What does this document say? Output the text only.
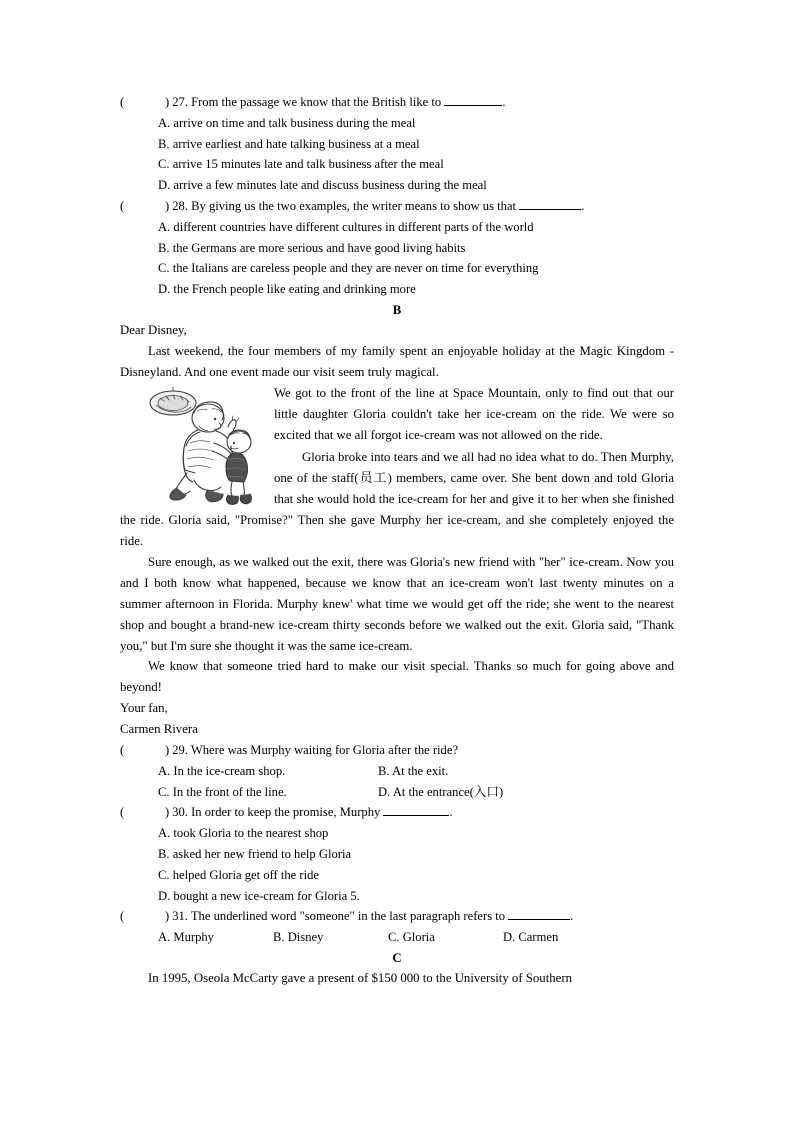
(	) 27. From the passage we know that the British like to	.
A. arrive on time and talk business during the meal
B. arrive earliest and hate talking business at a meal
C. arrive 15 minutes late and talk business after the meal
D. arrive a few minutes late and discuss business during the meal
(	) 28. By giving us the two examples, the writer means to show us that	.
A. different countries have different cultures in different parts of the world
B. the Germans are more serious and have good living habits
C. the Italians are careless people and they are never on time for everything
D. the French people like eating and drinking more
B
Dear Disney,
Last weekend, the four members of my family spent an enjoyable holiday at the Magic Kingdom - Disneyland. And one event made our visit seem truly magical.
We got to the front of the line at Space Mountain, only to find out that our little daughter Gloria couldn't take her ice-cream on the ride. We were so excited that we all forgot ice-cream was not allowed on the ride.
Gloria broke into tears and we all had no idea what to do. Then Murphy, one of the staff(员工) members, came over. She bent down and told Gloria that she would hold the ice-cream for her and give it to her when she finished the ride. Gloria said, "Promise?" Then she gave Murphy her ice-cream, and she completely enjoyed the ride.
Sure enough, as we walked out the exit, there was Gloria's new friend with "her" ice-cream. Now you and I both know what happened, because we know that an ice-cream won't last twenty minutes on a summer afternoon in Florida. Murphy knew' what time we would get off the ride; she went to the nearest shop and bought a brand-new ice-cream thirty seconds before we walked out the exit. Gloria said, "Thank you," but I'm sure she thought it was the same ice-cream.
We know that someone tried hard to make our visit special. Thanks so much for going above and beyond!
Your fan,
Carmen Rivera
(	) 29. Where was Murphy waiting for Gloria after the ride?
A. In the ice-cream shop.	B. At the exit.
C. In the front of the line.	D. At the entrance(入口)
(	) 30. In order to keep the promise, Murphy	.
A. took Gloria to the nearest shop
B. asked her new friend to help Gloria
C. helped Gloria get off the ride
D. bought a new ice-cream for Gloria 5.
(	) 31. The underlined word "someone" in the last paragraph refers to	.
A. Murphy	B. Disney	C. Gloria	D. Carmen
C
In 1995, Oseola McCarty gave a present of $150 000 to the University of Southern
